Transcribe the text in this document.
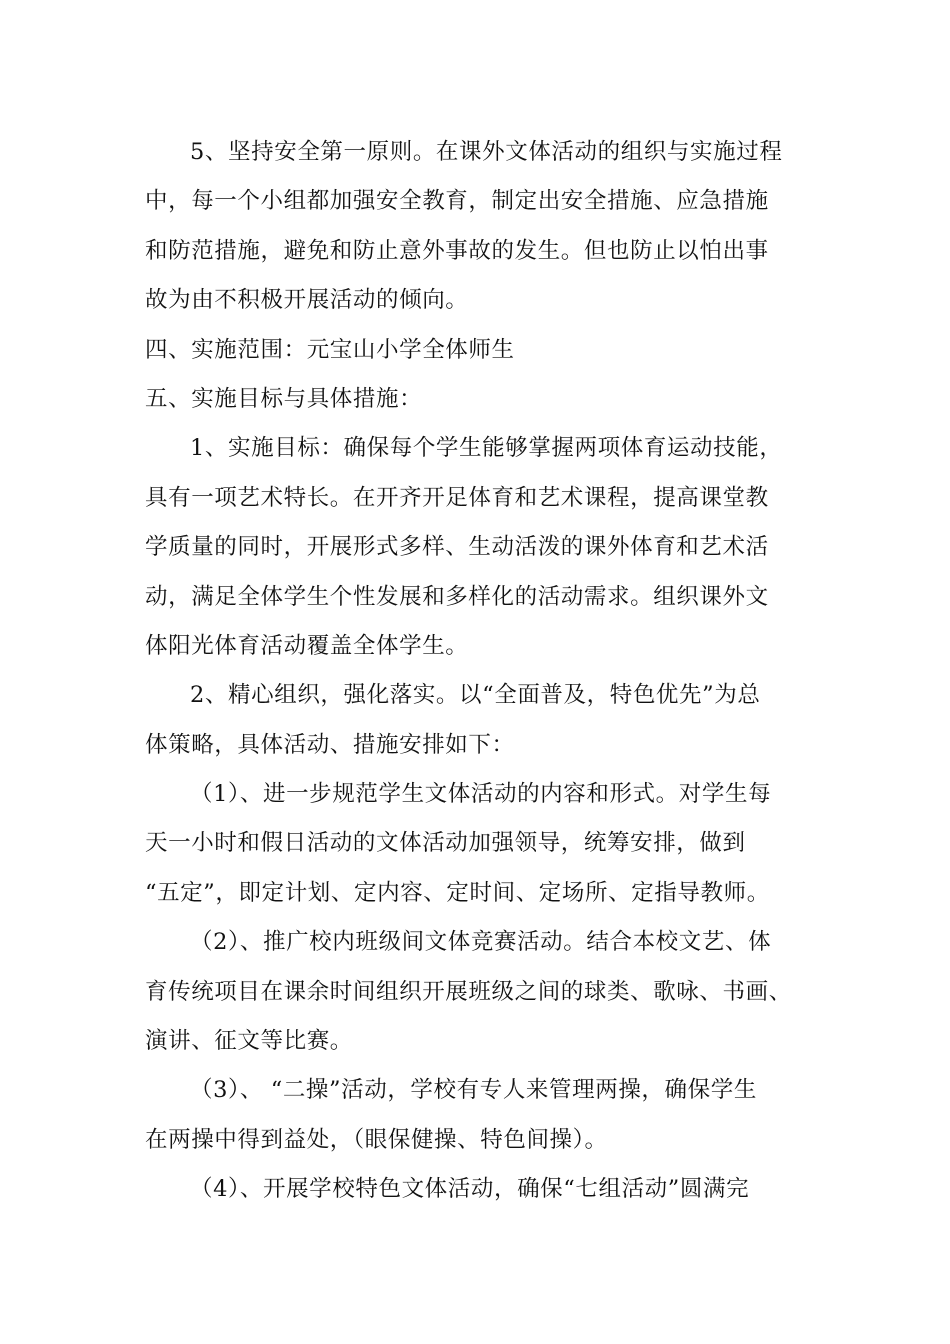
5、坚持安全第一原则。在课外文体活动的组织与实施过程
中，每一个小组都加强安全教育，制定出安全措施、应急措施
和防范措施，避免和防止意外事故的发生。但也防止以怕出事
故为由不积极开展活动的倾向。
四、实施范围：元宝山小学全体师生
五、实施目标与具体措施：
1、实施目标：确保每个学生能够掌握两项体育运动技能，
具有一项艺术特长。在开齐开足体育和艺术课程，提高课堂教
学质量的同时，开展形式多样、生动活泼的课外体育和艺术活
动，满足全体学生个性发展和多样化的活动需求。组织课外文
体阳光体育活动覆盖全体学生。
2、精心组织，强化落实。以“全面普及，特色优先”为总
体策略，具体活动、措施安排如下：
（1）、进一步规范学生文体活动的内容和形式。对学生每
天一小时和假日活动的文体活动加强领导，统筹安排，做到
“五定”，即定计划、定内容、定时间、定场所、定指导教师。
（2）、推广校内班级间文体竞赛活动。结合本校文艺、体
育传统项目在课余时间组织开展班级之间的球类、歌咏、书画、
演讲、征文等比赛。
（3）、 “二操”活动，学校有专人来管理两操，确保学生
在两操中得到益处，（眼保健操、特色间操）。
（4）、开展学校特色文体活动，确保“七组活动”圆满完
